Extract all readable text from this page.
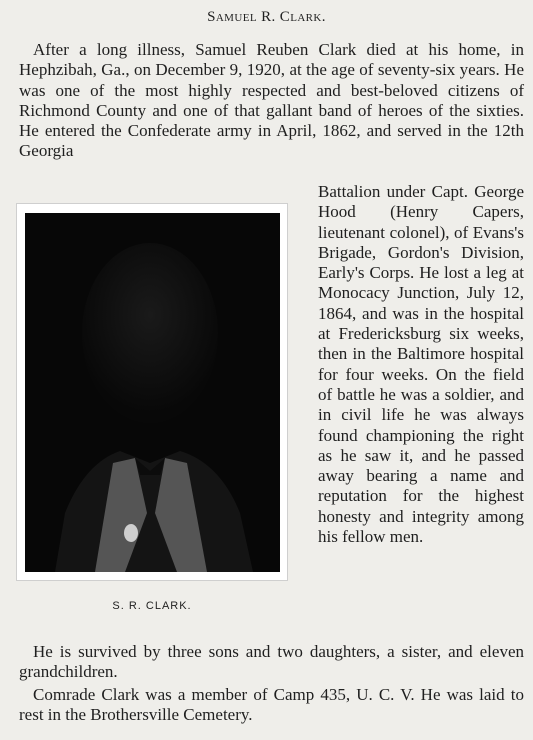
Samuel R. Clark.

After a long illness, Samuel Reuben Clark died at his home, in Hephzibah, Ga., on December 9, 1920, at the age of seventy-six years. He was one of the most highly respected and best-beloved citizens of Richmond County and one of that gallant band of heroes of the sixties. He entered the Confederate army in April, 1862, and served in the 12th Georgia

S. R. CLARK.

Battalion under Capt. George Hood (Henry Capers, lieutenant colonel), of Evans's Brigade, Gordon's Division, Early's Corps. He lost a leg at Monocacy Junction, July 12, 1864, and was in the hospital at Fredericksburg six weeks, then in the Baltimore hospital for four weeks. On the field of battle he was a soldier, and in civil life he was always found championing the right as he saw it, and he passed away bearing a name and reputation for the highest honesty and integrity among his fellow men.

He is survived by three sons and two daughters, a sister, and eleven grandchildren.

Comrade Clark was a member of Camp 435, U. C. V. He was laid to rest in the Brothersville Cemetery.
